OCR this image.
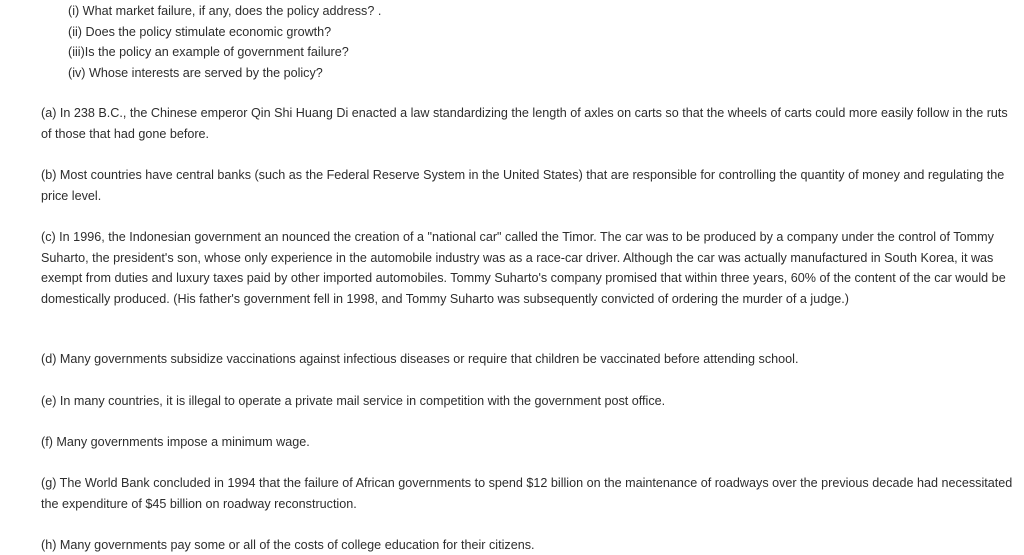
(i) What market failure, if any, does the policy address? .
(ii) Does the policy stimulate economic growth?
(iii)Is the policy an example of government failure?
(iv) Whose interests are served by the policy?

(a) In 238 B.C., the Chinese emperor Qin Shi Huang Di enacted a law standardizing the length of axles on carts so that the wheels of carts could more easily follow in the ruts of those that had gone before.

(b) Most countries have central banks (such as the Federal Reserve System in the United States) that are responsible for controlling the quantity of money and regulating the price level.

(c) In 1996, the Indonesian government an nounced the creation of a "national car" called the Timor. The car was to be produced by a company under the control of Tommy Suharto, the president's son, whose only experience in the automobile industry was as a race-car driver. Although the car was actually manufactured in South Korea, it was exempt from duties and luxury taxes paid by other imported automobiles. Tommy Suharto's company promised that within three years, 60% of the content of the car would be domestically produced. (His father's government fell in 1998, and Tommy Suharto was subsequently convicted of ordering the murder of a judge.)

(d) Many governments subsidize vaccinations against infectious diseases or require that children be vaccinated before attending school.

(e) In many countries, it is illegal to operate a private mail service in competition with the government post office.

(f) Many governments impose a minimum wage.

(g) The World Bank concluded in 1994 that the failure of African governments to spend $12 billion on the maintenance of roadways over the previous decade had necessitated the expenditure of $45 billion on roadway reconstruction.

(h) Many governments pay some or all of the costs of college education for their citizens.
